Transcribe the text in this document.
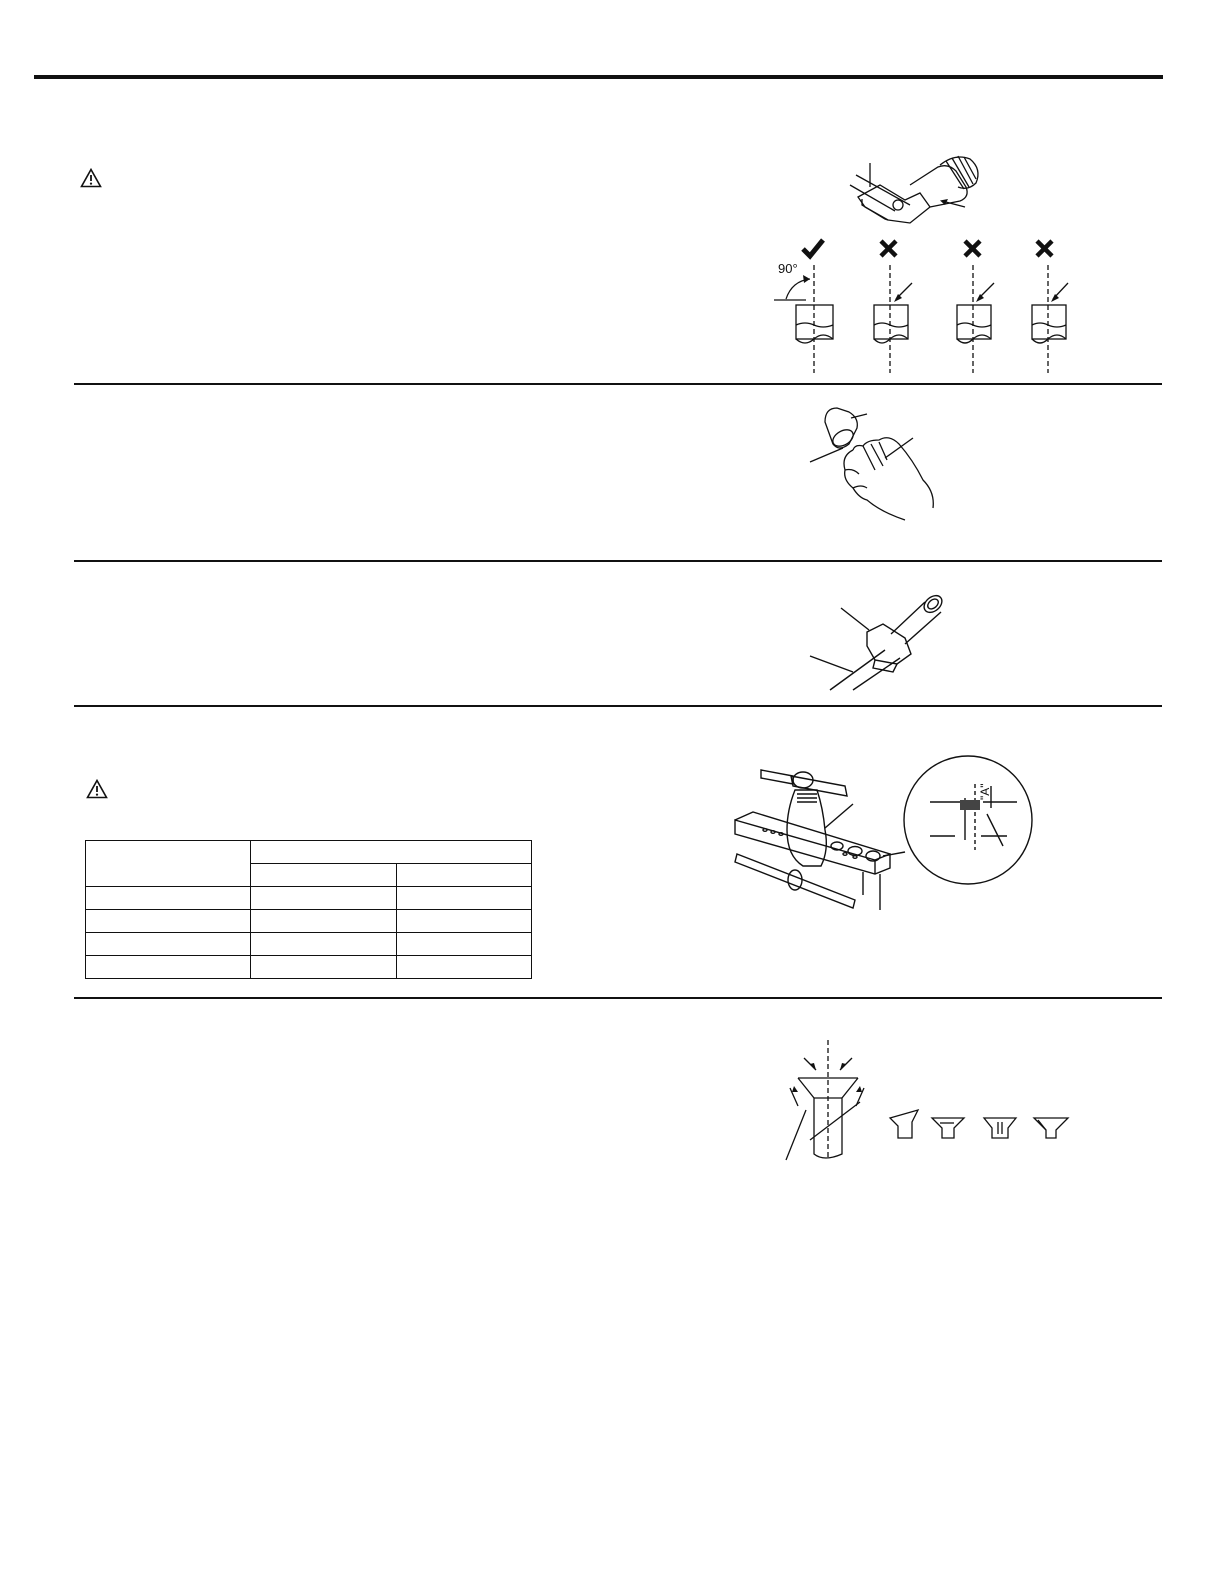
90°

"A"
